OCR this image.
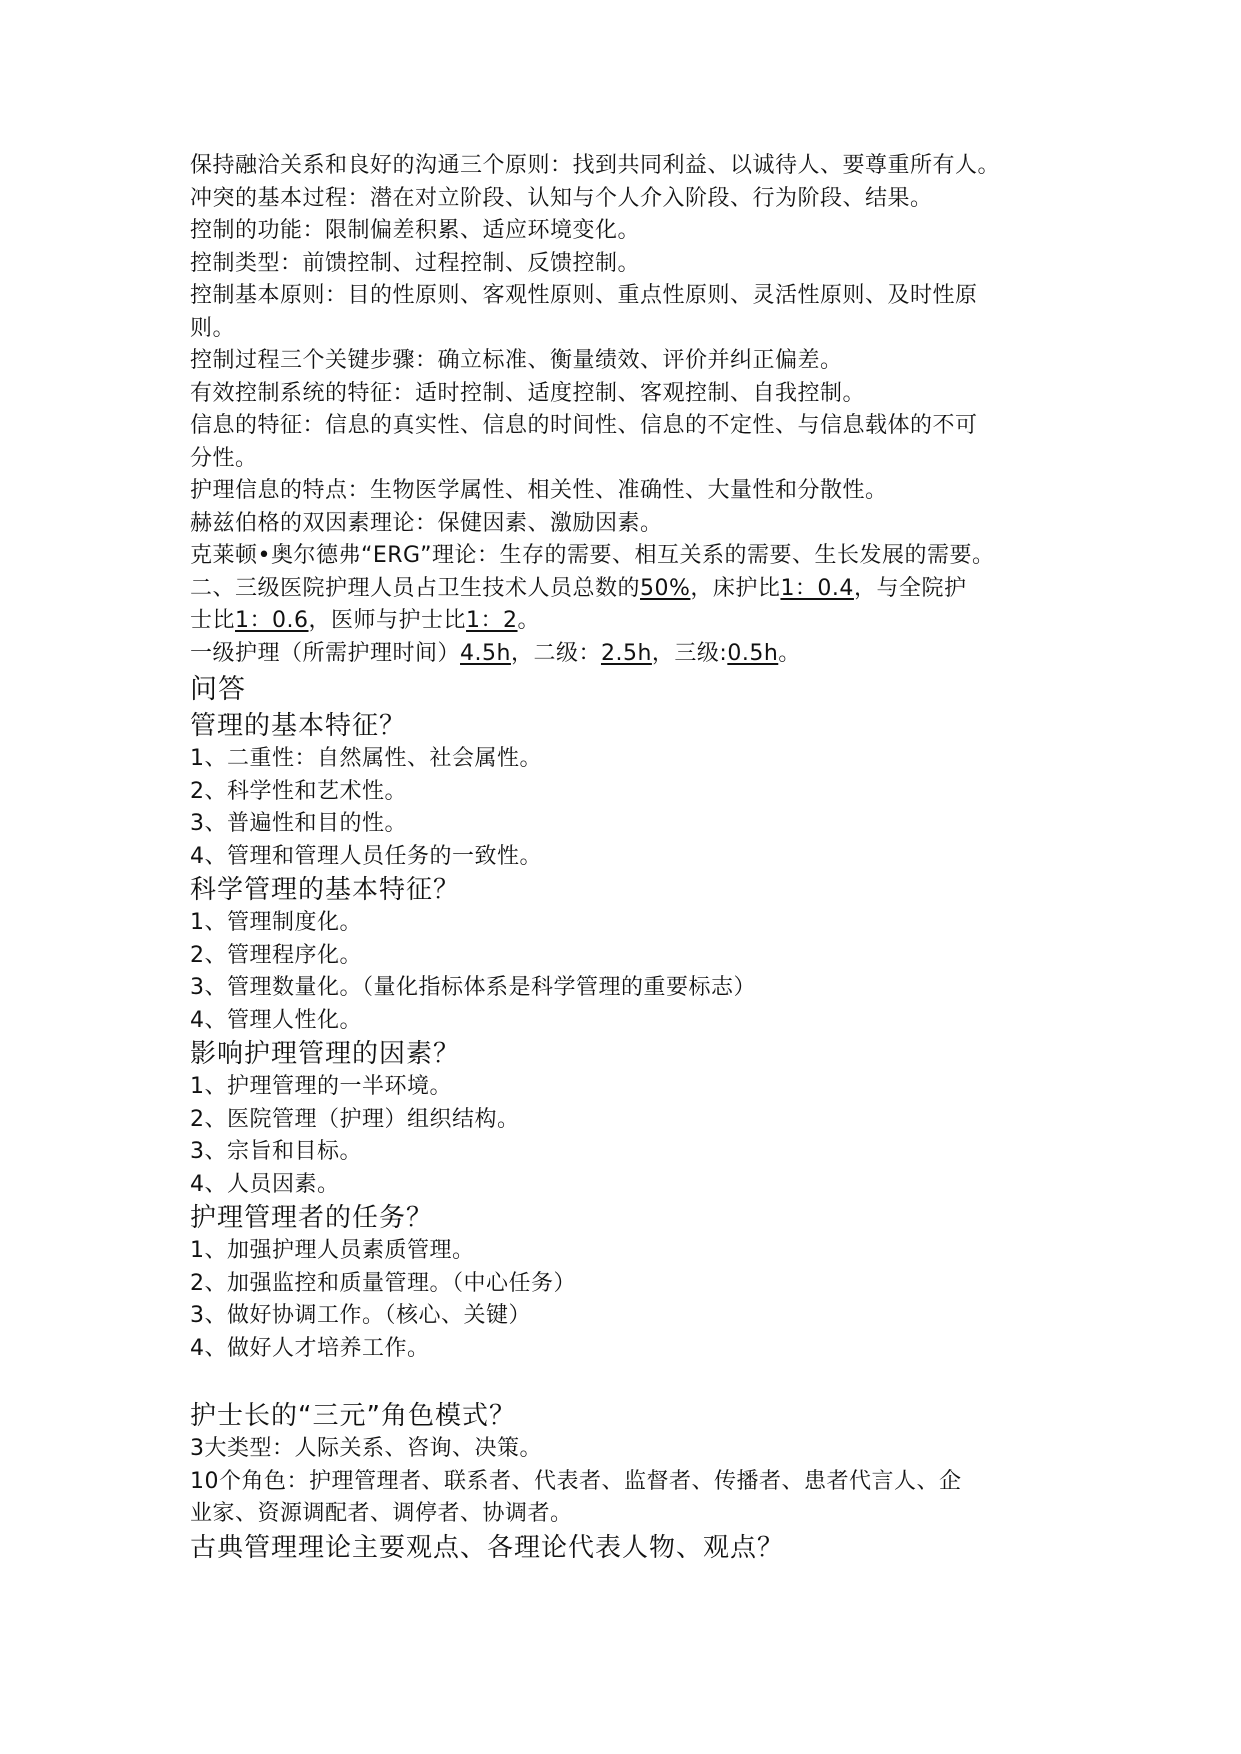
保持融洽关系和良好的沟通三个原则：找到共同利益、以诚待人、要尊重所有人。
冲突的基本过程：潜在对立阶段、认知与个人介入阶段、行为阶段、结果。
控制的功能：限制偏差积累、适应环境变化。
控制类型：前馈控制、过程控制、反馈控制。
控制基本原则：目的性原则、客观性原则、重点性原则、灵活性原则、及时性原
则。
控制过程三个关键步骤：确立标准、衡量绩效、评价并纠正偏差。
有效控制系统的特征：适时控制、适度控制、客观控制、自我控制。
信息的特征：信息的真实性、信息的时间性、信息的不定性、与信息载体的不可
分性。
护理信息的特点：生物医学属性、相关性、准确性、大量性和分散性。
赫兹伯格的双因素理论：保健因素、激励因素。
克莱顿•奥尔德弗“ERG”理论：生存的需要、相互关系的需要、生长发展的需要。
二、三级医院护理人员占卫生技术人员总数的50%，床护比1：0.4，与全院护
士比1：0.6，医师与护士比1：2。
一级护理（所需护理时间）4.5h，二级：2.5h，三级:0.5h。
问答
管理的基本特征？
1、二重性：自然属性、社会属性。
2、科学性和艺术性。
3、普遍性和目的性。
4、管理和管理人员任务的一致性。
科学管理的基本特征？
1、管理制度化。
2、管理程序化。
3、管理数量化。（量化指标体系是科学管理的重要标志）
4、管理人性化。
影响护理管理的因素？
1、护理管理的一半环境。
2、医院管理（护理）组织结构。
3、宗旨和目标。
4、人员因素。
护理管理者的任务？
1、加强护理人员素质管理。
2、加强监控和质量管理。（中心任务）
3、做好协调工作。（核心、关键）
4、做好人才培养工作。
护士长的“三元”角色模式？
3大类型：人际关系、咨询、决策。
10个角色：护理管理者、联系者、代表者、监督者、传播者、患者代言人、企
业家、资源调配者、调停者、协调者。
古典管理理论主要观点、各理论代表人物、观点？
